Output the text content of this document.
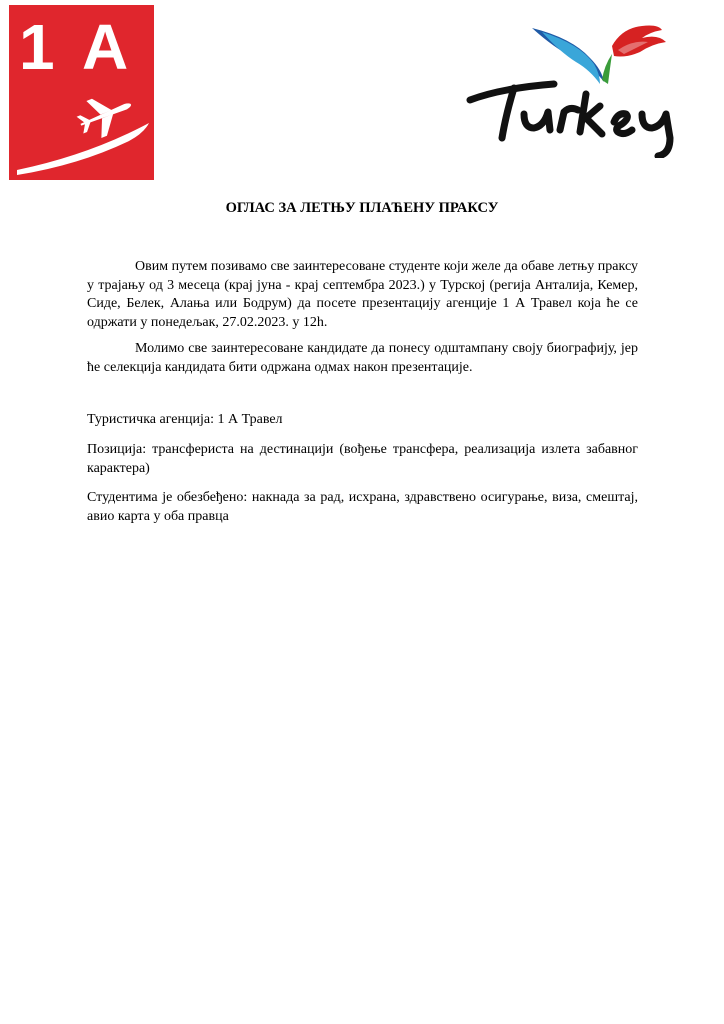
1 A
ОГЛАС ЗА ЛЕТЊУ ПЛАЋЕНУ ПРАКСУ

Овим путем позивамо све заинтересоване студенте који желе да обаве летњу праксу у трајању од 3 месеца (крај јуна - крај септембра 2023.) у Турској (регија Анталија, Кемер, Сиде, Белек, Алања или Бодрум) да посете презентацију агенције 1 А Травел која ће се одржати у понедељак, 27.02.2023. у 12h.

Молимо све заинтересоване кандидате да понесу одштампану своју биографију, јер ће селекција кандидата бити одржана одмах након презентације.

Туристичка агенција: 1 А Травел

Позиција: трансфериста на дестинацији (вођење трансфера, реализација излета забавног карактера)

Студентима је обезбеђено: накнада за рад, исхрана, здравствено осигурање, виза, смештај, авио карта у оба правца
